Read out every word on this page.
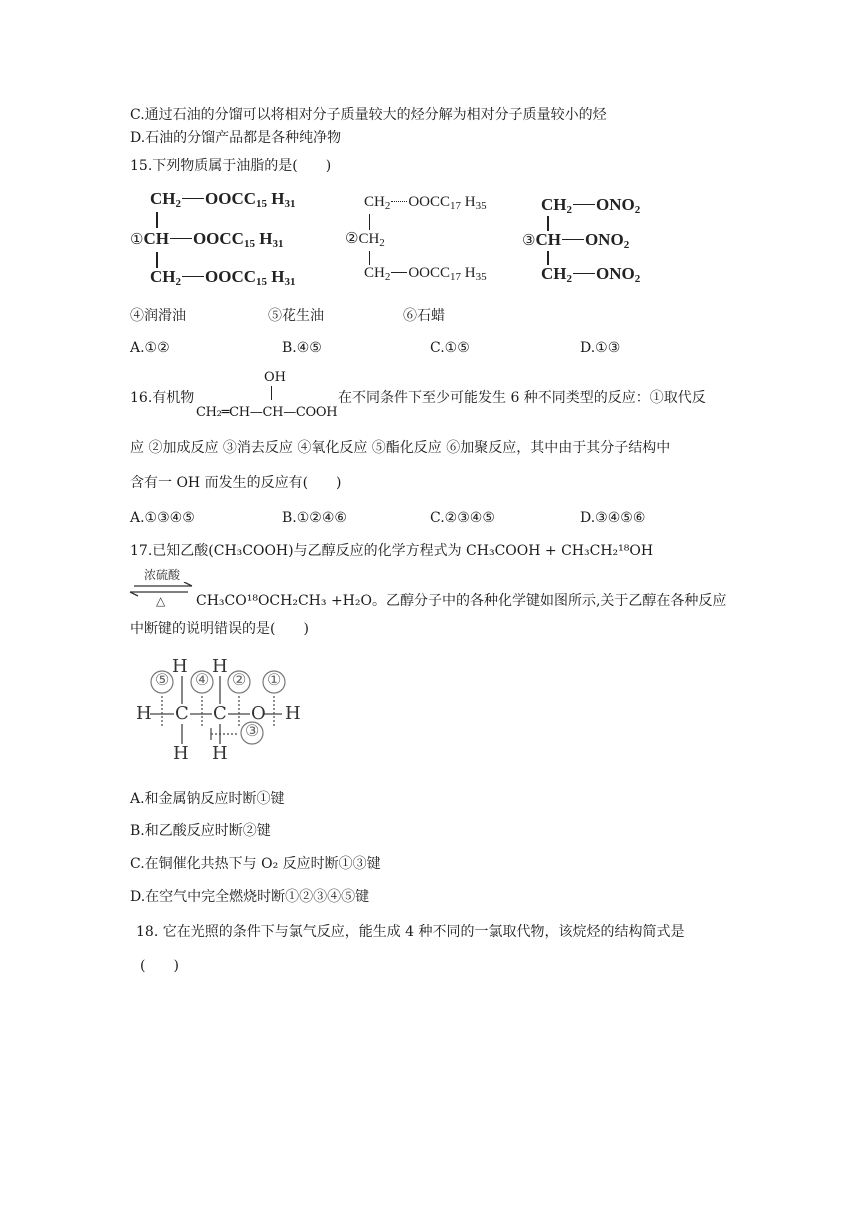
C.通过石油的分馏可以将相对分子质量较大的烃分解为相对分子质量较小的烃
D.石油的分馏产品都是各种纯净物
15.下列物质属于油脂的是(　　)
$CH_2$ $OOCC_{15}$ $H_{31}$
①CH $OOCC_{15}$ $H_{31}$
$CH_2$ $OOCC_{15}$ $H_{31}$
$CH_2$ $OOCC_{17}$ $H_{35}$
$②CH_2$
$CH_2$ $OOCC_{17}$ $H_{35}$
$CH_2$ $ONO_2$
③CH $ONO_2$
$CH_2$ $ONO_2$
④润滑油	⑤花生油	⑥石蜡
A.①②	B.④⑤	C.①⑤	D.①③
16.有机物
OH
CH₂═CH—CH—COOH
在不同条件下至少可能发生 6 种不同类型的反应：①取代反
应 ②加成反应 ③消去反应 ④氧化反应 ⑤酯化反应 ⑥加聚反应，其中由于其分子结构中
含有一 OH 而发生的反应有(　　)
A.①③④⑤	B.①②④⑥	C.②③④⑤	D.③④⑤⑥
17.已知乙酸(CH₃COOH)与乙醇反应的化学方程式为 CH₃COOH + CH₃CH₂¹⁸OH
浓硫酸
△ CH₃CO¹⁸OCH₂CH₃ +H₂O。乙醇分子中的各种化学键如图所示,关于乙醇在各种反应
中断键的说明错误的是(　　)
H H
H C C O H
H H
⑤ ④ ② ①
③
A.和金属钠反应时断①键
B.和乙酸反应时断②键
C.在铜催化共热下与 O₂ 反应时断①③键
D.在空气中完全燃烧时断①②③④⑤键
18. 它在光照的条件下与氯气反应，能生成 4 种不同的一氯取代物，该烷烃的结构简式是
(　　)
